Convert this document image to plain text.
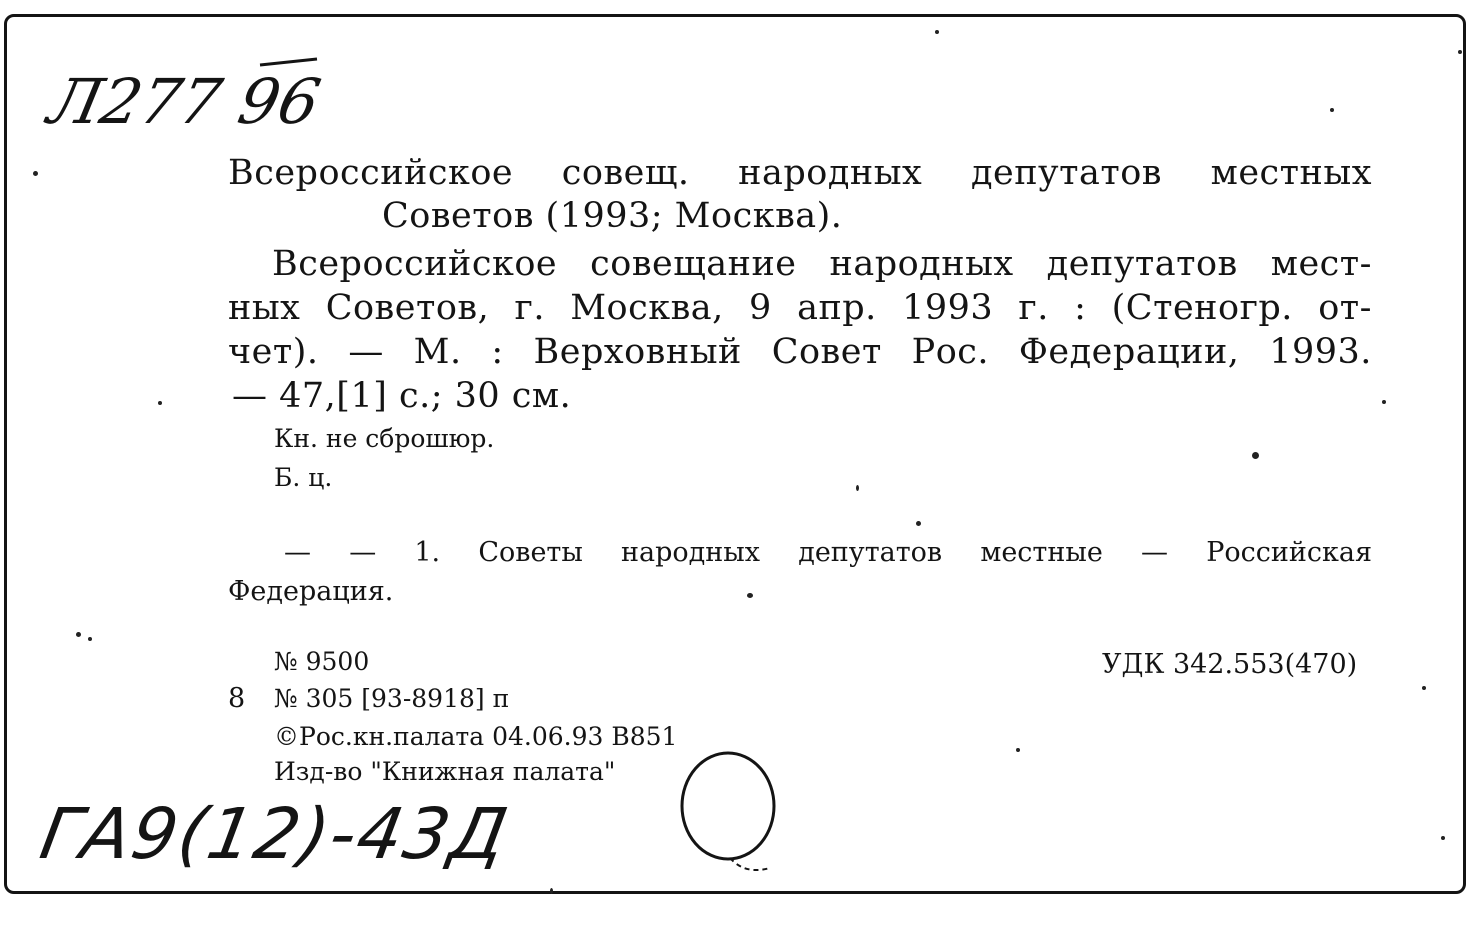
Л277 96
Всероссийское совещ. народных депутатов местных
Советов (1993; Москва).
Всероссийское совещание народных депутатов мест-
ных Советов, г. Москва, 9 апр. 1993 г. : (Стеногр. от-
чет). — М. : Верховный Совет Рос. Федерации, 1993.
— 47,[1] с.; 30 см.
Кн. не сброшюр.
Б. ц.
— — 1. Советы народных депутатов местные — Российская
Федерация.
№ 9500	УДК 342.553(470)
8 № 305 [93-8918] п
©Рос.кн.палата 04.06.93 В851
Изд-во "Книжная палата"
ГА9(12)-43Д
